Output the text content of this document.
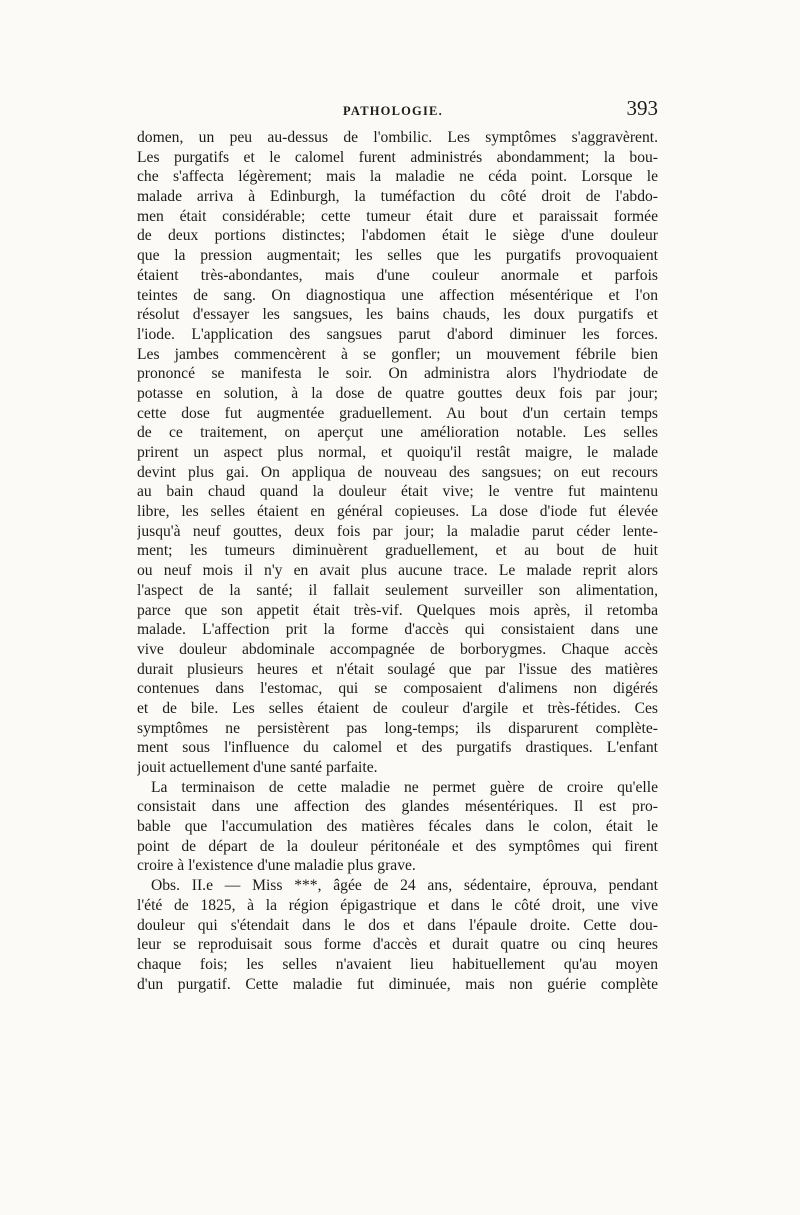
PATHOLOGIE.	393
domen, un peu au-dessus de l'ombilic. Les symptômes s'aggravèrent.
Les purgatifs et le calomel furent administrés abondamment; la bou-
che s'affecta légèrement; mais la maladie ne céda point. Lorsque le
malade arriva à Edinburgh, la tuméfaction du côté droit de l'abdo-
men était considérable; cette tumeur était dure et paraissait formée
de deux portions distinctes; l'abdomen était le siège d'une douleur
que la pression augmentait; les selles que les purgatifs provoquaient
étaient très-abondantes, mais d'une couleur anormale et parfois
teintes de sang. On diagnostiqua une affection mésentérique et l'on
résolut d'essayer les sangsues, les bains chauds, les doux purgatifs et
l'iode. L'application des sangsues parut d'abord diminuer les forces.
Les jambes commencèrent à se gonfler; un mouvement fébrile bien
prononcé se manifesta le soir. On administra alors l'hydriodate de
potasse en solution, à la dose de quatre gouttes deux fois par jour;
cette dose fut augmentée graduellement. Au bout d'un certain temps
de ce traitement, on aperçut une amélioration notable. Les selles
prirent un aspect plus normal, et quoiqu'il restât maigre, le malade
devint plus gai. On appliqua de nouveau des sangsues; on eut recours
au bain chaud quand la douleur était vive; le ventre fut maintenu
libre, les selles étaient en général copieuses. La dose d'iode fut élevée
jusqu'à neuf gouttes, deux fois par jour; la maladie parut céder lente-
ment; les tumeurs diminuèrent graduellement, et au bout de huit
ou neuf mois il n'y en avait plus aucune trace. Le malade reprit alors
l'aspect de la santé; il fallait seulement surveiller son alimentation,
parce que son appetit était très-vif. Quelques mois après, il retomba
malade. L'affection prit la forme d'accès qui consistaient dans une
vive douleur abdominale accompagnée de borborygmes. Chaque accès
durait plusieurs heures et n'était soulagé que par l'issue des matières
contenues dans l'estomac, qui se composaient d'alimens non digérés
et de bile. Les selles étaient de couleur d'argile et très-fétides. Ces
symptômes ne persistèrent pas long-temps; ils disparurent complète-
ment sous l'influence du calomel et des purgatifs drastiques. L'enfant
jouit actuellement d'une santé parfaite.
La terminaison de cette maladie ne permet guère de croire qu'elle
consistait dans une affection des glandes mésentériques. Il est pro-
bable que l'accumulation des matières fécales dans le colon, était le
point de départ de la douleur péritonéale et des symptômes qui firent
croire à l'existence d'une maladie plus grave.
Obs. II.e — Miss ***, âgée de 24 ans, sédentaire, éprouva, pendant
l'été de 1825, à la région épigastrique et dans le côté droit, une vive
douleur qui s'étendait dans le dos et dans l'épaule droite. Cette dou-
leur se reproduisait sous forme d'accès et durait quatre ou cinq heures
chaque fois; les selles n'avaient lieu habituellement qu'au moyen
d'un purgatif. Cette maladie fut diminuée, mais non guérie complète
